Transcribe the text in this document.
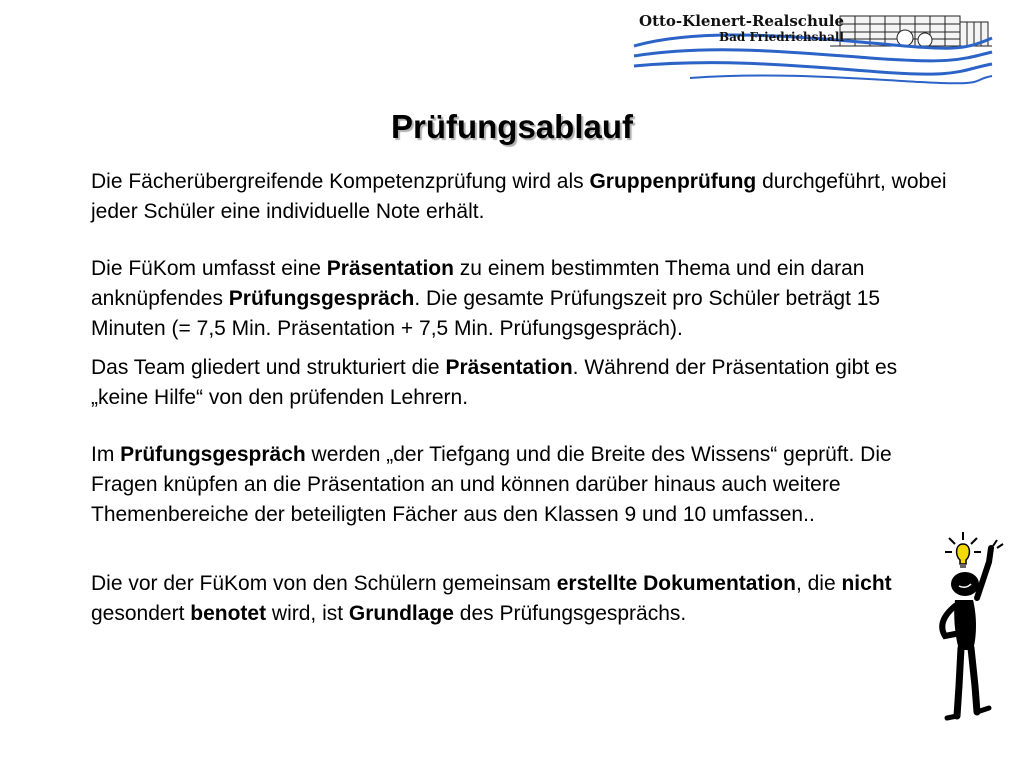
Otto-Klenert-Realschule
Bad Friedrichshall
Prüfungsablauf
Die Fächerübergreifende Kompetenzprüfung wird als Gruppenprüfung durchgeführt, wobei jeder Schüler eine individuelle Note erhält.
Die FüKom umfasst eine Präsentation zu einem bestimmten Thema und ein daran anknüpfendes Prüfungsgespräch. Die gesamte Prüfungszeit pro Schüler beträgt 15 Minuten (= 7,5 Min. Präsentation + 7,5 Min. Prüfungsgespräch).
Das Team gliedert und strukturiert die Präsentation. Während der Präsentation gibt es „keine Hilfe“ von den prüfenden Lehrern.
Im Prüfungsgespräch werden „der Tiefgang und die Breite des Wissens“ geprüft. Die Fragen knüpfen an die Präsentation an und können darüber hinaus auch weitere Themenbereiche der beteiligten Fächer aus den Klassen 9 und 10 umfassen..
Die vor der FüKom von den Schülern gemeinsam erstellte Dokumentation, die nicht gesondert benotet wird, ist Grundlage des Prüfungsgesprächs.
